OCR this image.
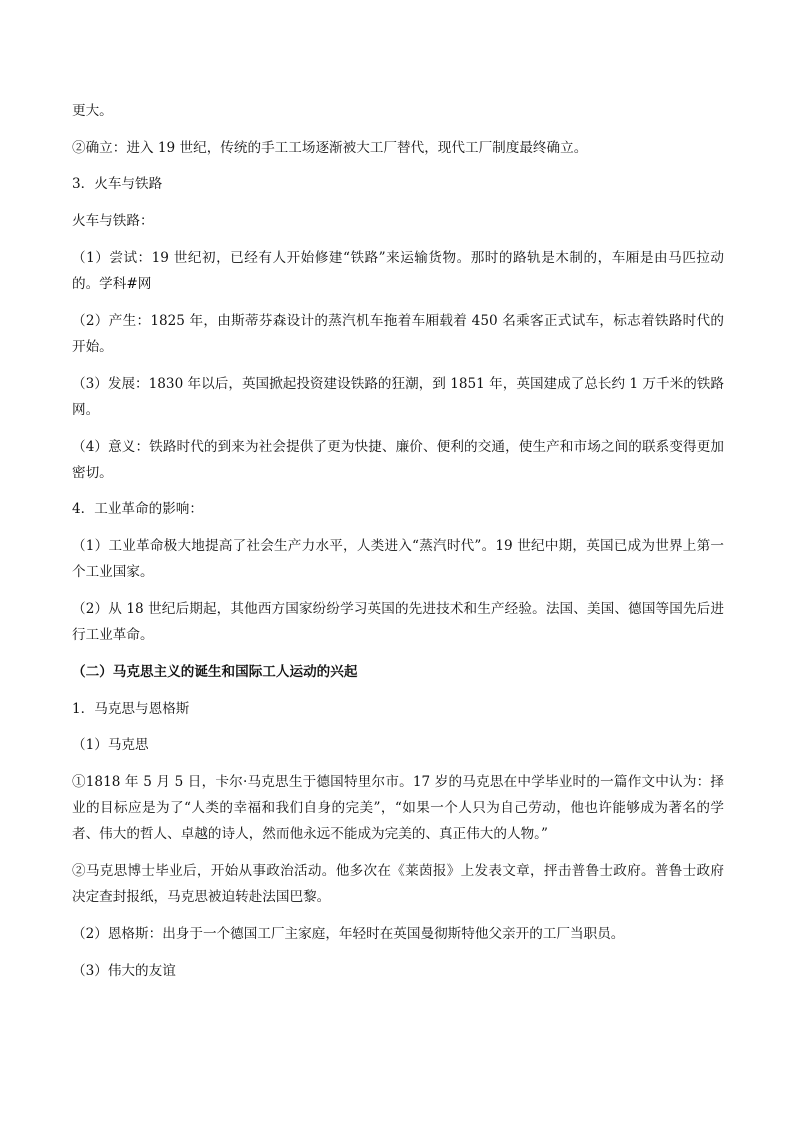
更大。

②确立：进入 19 世纪，传统的手工工场逐渐被大工厂替代，现代工厂制度最终确立。

3．火车与铁路

火车与铁路：

（1）尝试：19 世纪初，已经有人开始修建“铁路”来运输货物。那时的路轨是木制的，车厢是由马匹拉动的。学科#网

（2）产生：1825 年，由斯蒂芬森设计的蒸汽机车拖着车厢载着 450 名乘客正式试车，标志着铁路时代的开始。

（3）发展：1830 年以后，英国掀起投资建设铁路的狂潮，到 1851 年，英国建成了总长约 1 万千米的铁路网。

（4）意义：铁路时代的到来为社会提供了更为快捷、廉价、便利的交通，使生产和市场之间的联系变得更加密切。

4．工业革命的影响：

（1）工业革命极大地提高了社会生产力水平，人类进入“蒸汽时代”。19 世纪中期，英国已成为世界上第一个工业国家。

（2）从 18 世纪后期起，其他西方国家纷纷学习英国的先进技术和生产经验。法国、美国、德国等国先后进行工业革命。

（二）马克思主义的诞生和国际工人运动的兴起

1．马克思与恩格斯

（1）马克思

①1818 年 5 月 5 日，卡尔·马克思生于德国特里尔市。17 岁的马克思在中学毕业时的一篇作文中认为：择业的目标应是为了“人类的幸福和我们自身的完美”，“如果一个人只为自己劳动，他也许能够成为著名的学者、伟大的哲人、卓越的诗人，然而他永远不能成为完美的、真正伟大的人物。”

②马克思博士毕业后，开始从事政治活动。他多次在《莱茵报》上发表文章，抨击普鲁士政府。普鲁士政府决定查封报纸，马克思被迫转赴法国巴黎。

（2）恩格斯：出身于一个德国工厂主家庭，年轻时在英国曼彻斯特他父亲开的工厂当职员。

（3）伟大的友谊
